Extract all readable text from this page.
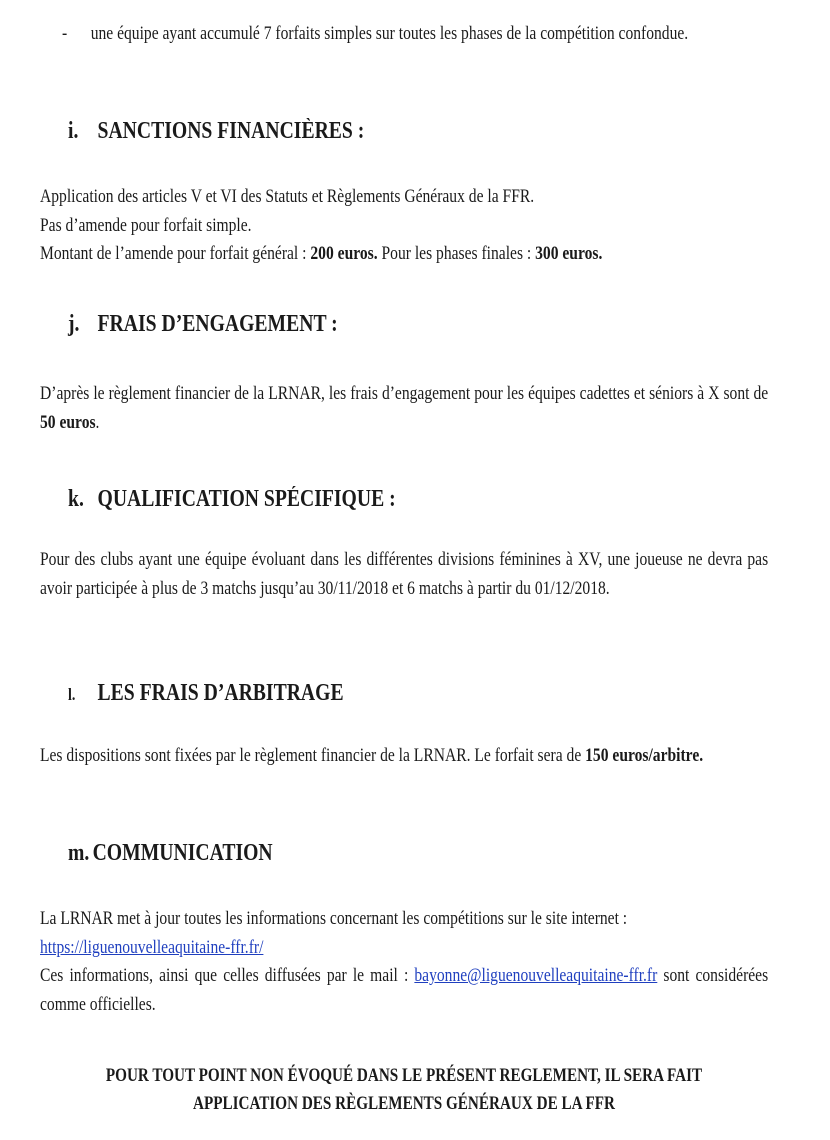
- une équipe ayant accumulé 7 forfaits simples sur toutes les phases de la compétition confondue.
i. SANCTIONS FINANCIÈRES :
Application des articles V et VI des Statuts et Règlements Généraux de la FFR.
Pas d’amende pour forfait simple.
Montant de l’amende pour forfait général : 200 euros. Pour les phases finales : 300 euros.
j. FRAIS D’ENGAGEMENT :
D’après le règlement financier de la LRNAR, les frais d’engagement pour les équipes cadettes et séniors à X sont de 50 euros.
k. QUALIFICATION SPÉCIFIQUE :
Pour des clubs ayant une équipe évoluant dans les différentes divisions féminines à XV, une joueuse ne devra pas avoir participée à plus de 3 matchs jusqu’au 30/11/2018 et 6 matchs à partir du 01/12/2018.
l. LES FRAIS D’ARBITRAGE
Les dispositions sont fixées par le règlement financier de la LRNAR. Le forfait sera de 150 euros/arbitre.
m. COMMUNICATION
La LRNAR met à jour toutes les informations concernant les compétitions sur le site internet :
https://liguenouvelleaquitaine-ffr.fr/
Ces informations, ainsi que celles diffusées par le mail : bayonne@liguenouvelleaquitaine-ffr.fr sont considérées comme officielles.
POUR TOUT POINT NON ÉVOQUÉ DANS LE PRÉSENT REGLEMENT, IL SERA FAIT
APPLICATION DES RÈGLEMENTS GÉNÉRAUX DE LA FFR
